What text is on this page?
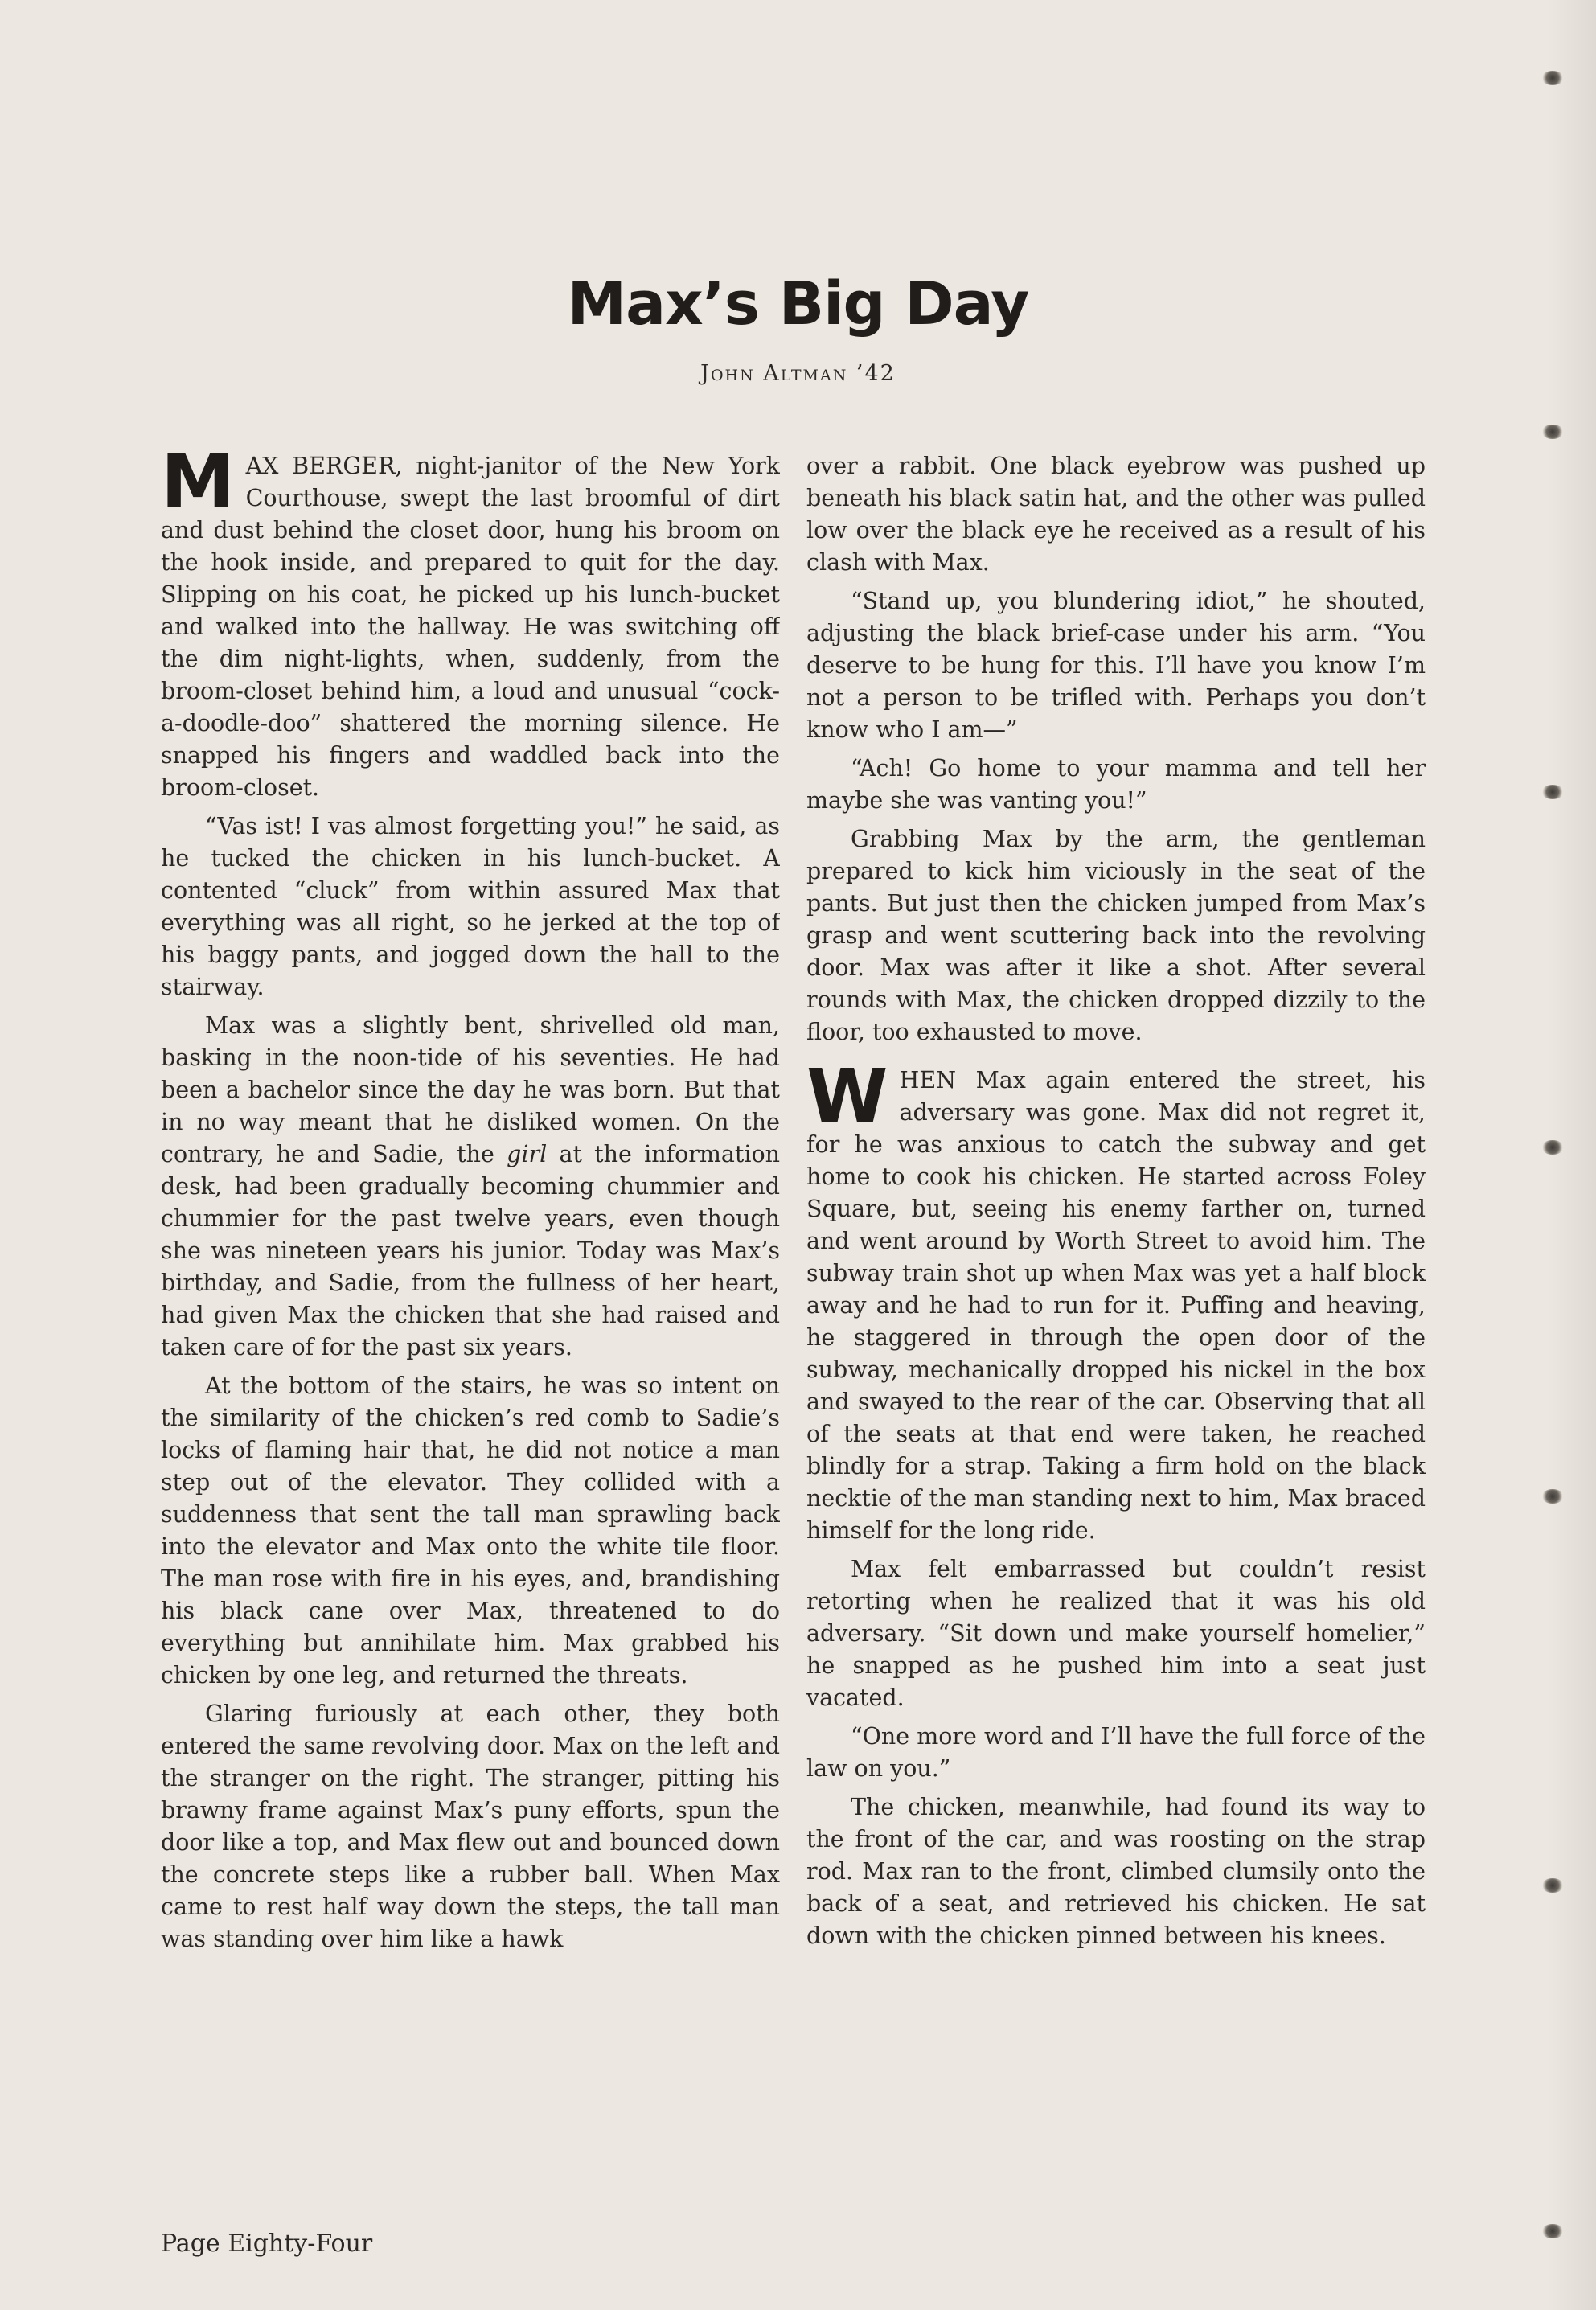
Max’s Big Day
John Altman ’42

MAX BERGER, night-janitor of the New York Courthouse, swept the last broomful of dirt and dust behind the closet door, hung his broom on the hook inside, and prepared to quit for the day. Slipping on his coat, he picked up his lunch-bucket and walked into the hallway. He was switching off the dim night-lights, when, suddenly, from the broom-closet behind him, a loud and unusual “cock-a-doodle-doo” shattered the morning silence. He snapped his fingers and waddled back into the broom-closet.

“Vas ist! I vas almost forgetting you!” he said, as he tucked the chicken in his lunch-bucket. A contented “cluck” from within assured Max that everything was all right, so he jerked at the top of his baggy pants, and jogged down the hall to the stairway.

Max was a slightly bent, shrivelled old man, basking in the noon-tide of his seventies. He had been a bachelor since the day he was born. But that in no way meant that he disliked women. On the contrary, he and Sadie, the girl at the information desk, had been gradually becoming chummier and chummier for the past twelve years, even though she was nineteen years his junior. Today was Max’s birthday, and Sadie, from the fullness of her heart, had given Max the chicken that she had raised and taken care of for the past six years.

At the bottom of the stairs, he was so intent on the similarity of the chicken’s red comb to Sadie’s locks of flaming hair that, he did not notice a man step out of the elevator. They collided with a suddenness that sent the tall man sprawling back into the elevator and Max onto the white tile floor. The man rose with fire in his eyes, and, brandishing his black cane over Max, threatened to do everything but annihilate him. Max grabbed his chicken by one leg, and returned the threats.

Glaring furiously at each other, they both entered the same revolving door. Max on the left and the stranger on the right. The stranger, pitting his brawny frame against Max’s puny efforts, spun the door like a top, and Max flew out and bounced down the concrete steps like a rubber ball. When Max came to rest half way down the steps, the tall man was standing over him like a hawk

over a rabbit. One black eyebrow was pushed up beneath his black satin hat, and the other was pulled low over the black eye he received as a result of his clash with Max.

“Stand up, you blundering idiot,” he shouted, adjusting the black brief-case under his arm. “You deserve to be hung for this. I’ll have you know I’m not a person to be trifled with. Perhaps you don’t know who I am—”

“Ach! Go home to your mamma and tell her maybe she was vanting you!”

Grabbing Max by the arm, the gentleman prepared to kick him viciously in the seat of the pants. But just then the chicken jumped from Max’s grasp and went scuttering back into the revolving door. Max was after it like a shot. After several rounds with Max, the chicken dropped dizzily to the floor, too exhausted to move.

WHEN Max again entered the street, his adversary was gone. Max did not regret it, for he was anxious to catch the subway and get home to cook his chicken. He started across Foley Square, but, seeing his enemy farther on, turned and went around by Worth Street to avoid him. The subway train shot up when Max was yet a half block away and he had to run for it. Puffing and heaving, he staggered in through the open door of the subway, mechanically dropped his nickel in the box and swayed to the rear of the car. Observing that all of the seats at that end were taken, he reached blindly for a strap. Taking a firm hold on the black necktie of the man standing next to him, Max braced himself for the long ride.

Max felt embarrassed but couldn’t resist retorting when he realized that it was his old adversary. “Sit down und make yourself homelier,” he snapped as he pushed him into a seat just vacated.

“One more word and I’ll have the full force of the law on you.”

The chicken, meanwhile, had found its way to the front of the car, and was roosting on the strap rod. Max ran to the front, climbed clumsily onto the back of a seat, and retrieved his chicken. He sat down with the chicken pinned between his knees.

Page Eighty-Four
